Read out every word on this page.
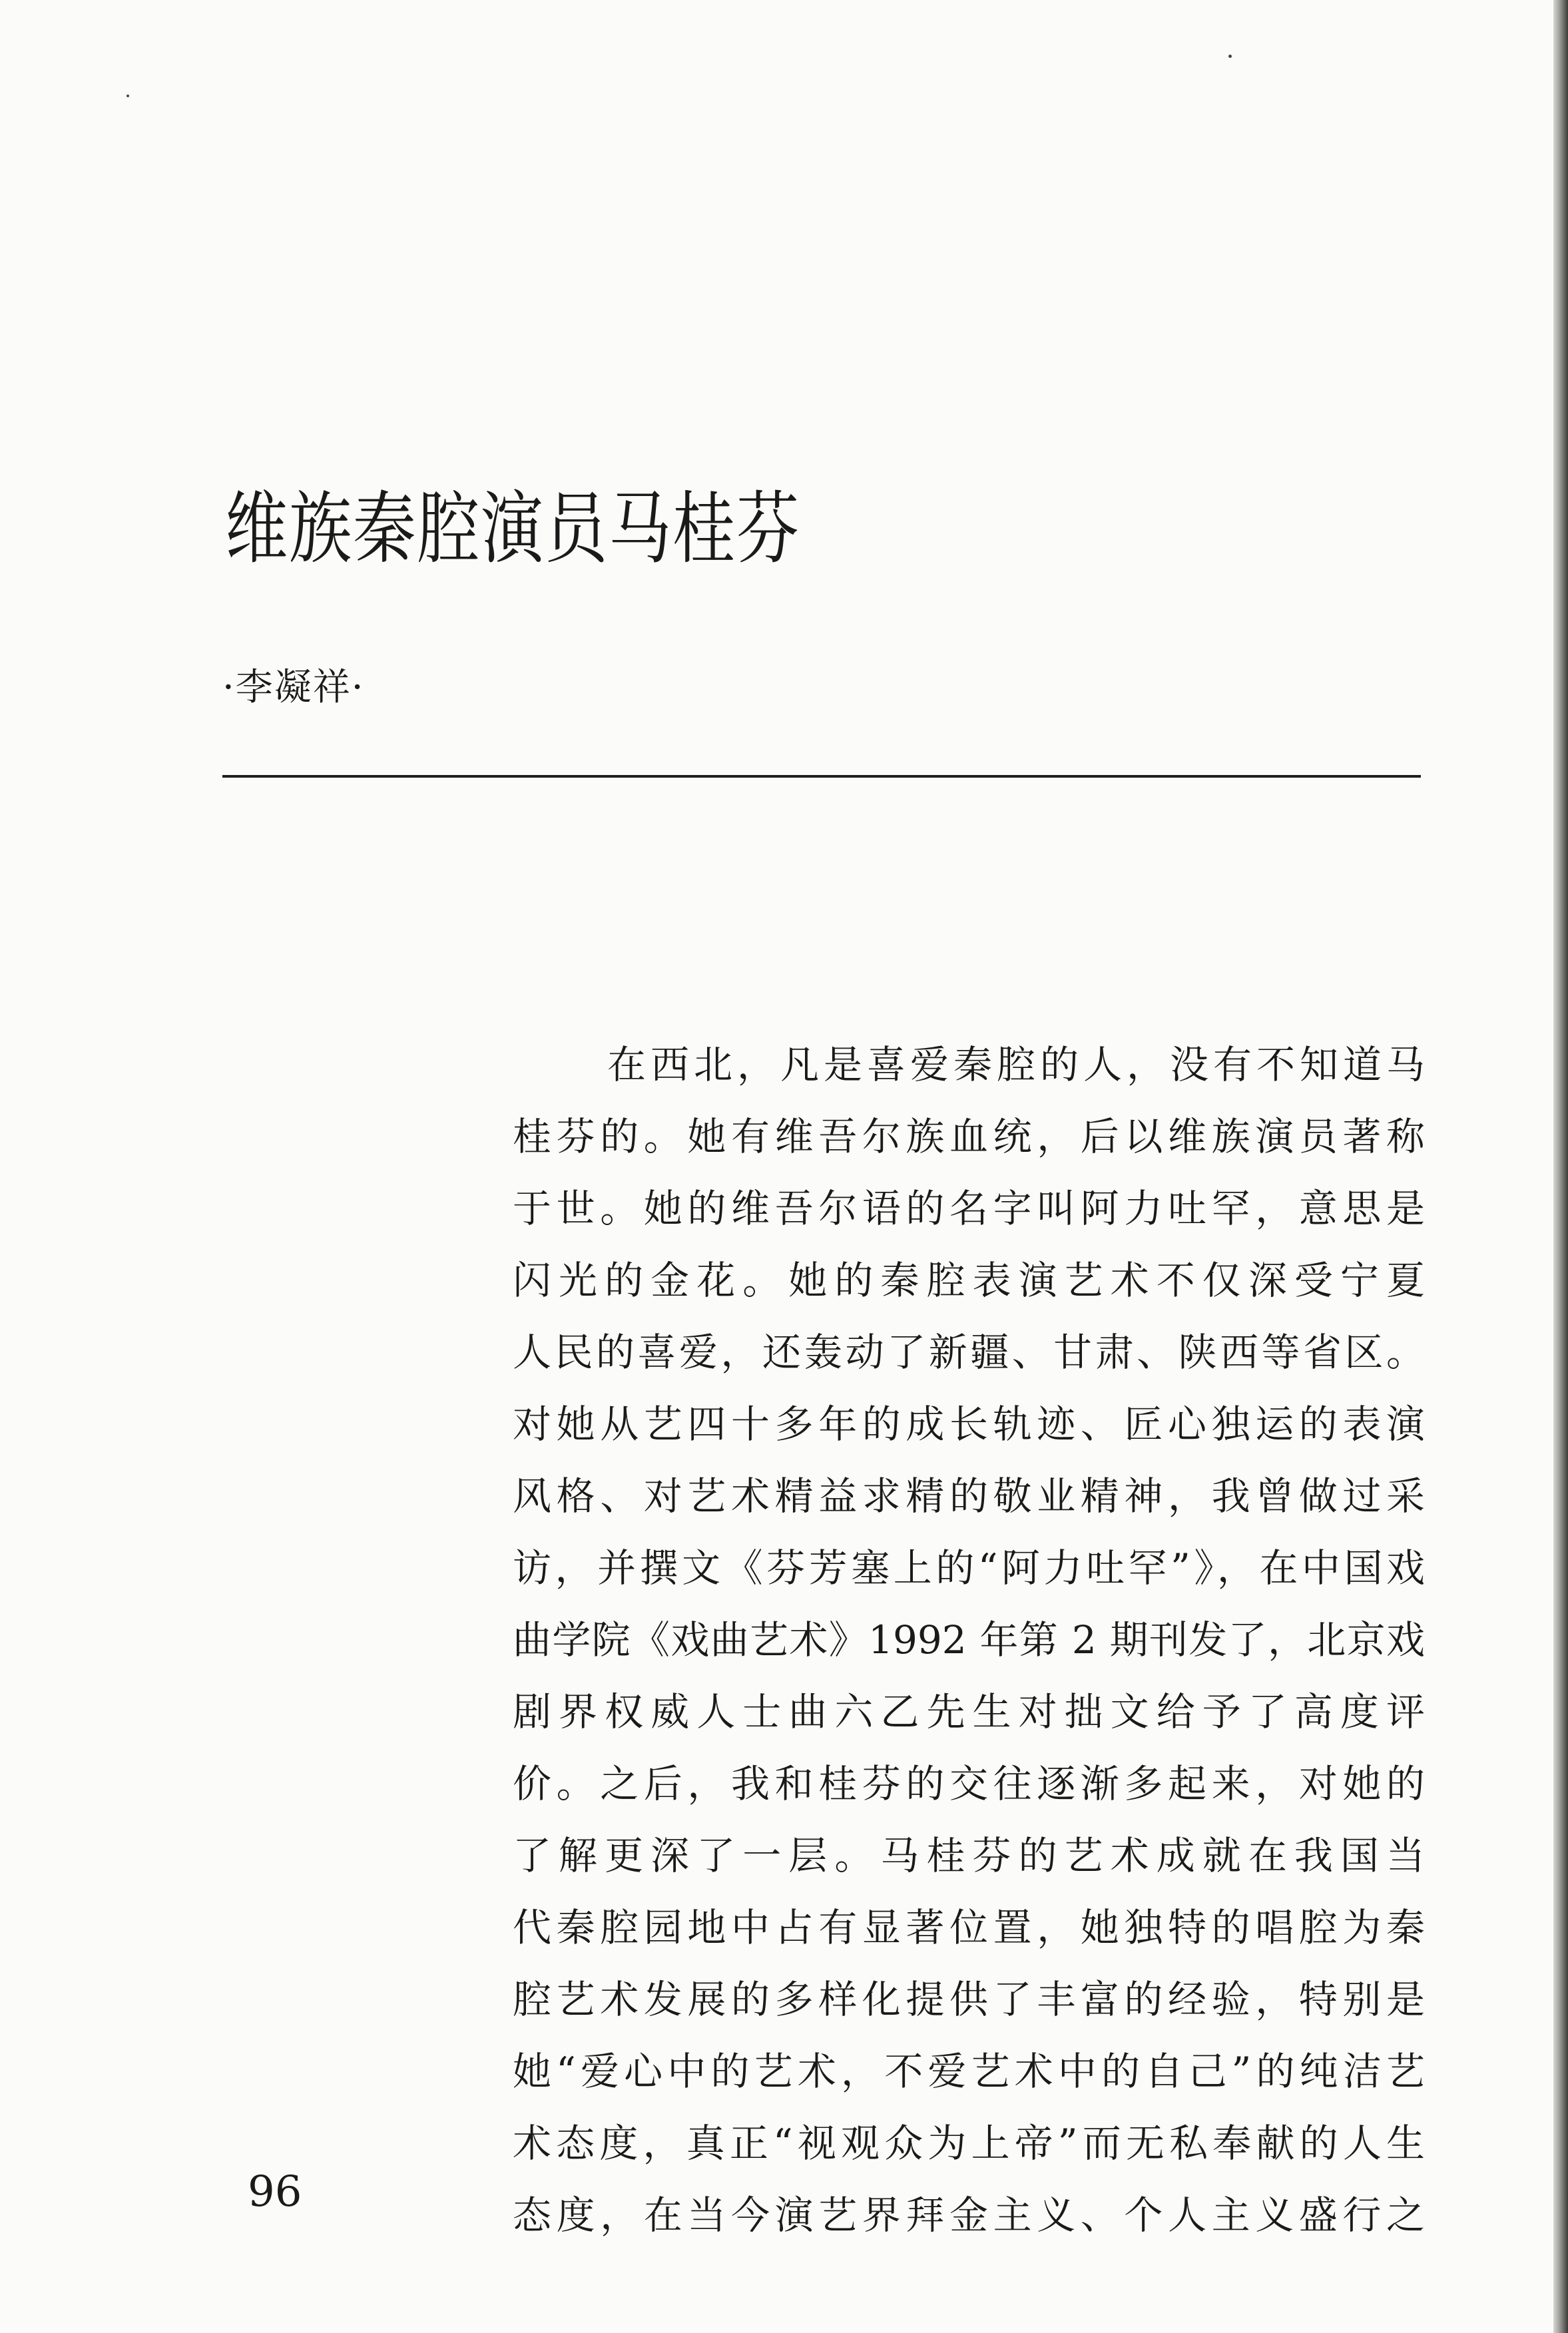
维族秦腔演员马桂芬
·李凝祥·
在西北，凡是喜爱秦腔的人，没有不知道马
桂芬的。她有维吾尔族血统，后以维族演员著称
于世。她的维吾尔语的名字叫阿力吐罕，意思是
闪光的金花。她的秦腔表演艺术不仅深受宁夏
人民的喜爱，还轰动了新疆、甘肃、陕西等省区。
对她从艺四十多年的成长轨迹、匠心独运的表演
风格、对艺术精益求精的敬业精神，我曾做过采
访，并撰文《芬芳塞上的“阿力吐罕”》，在中国戏
曲学院《戏曲艺术》1992 年第 2 期刊发了，北京戏
剧界权威人士曲六乙先生对拙文给予了高度评
价。之后，我和桂芬的交往逐渐多起来，对她的
了解更深了一层。马桂芬的艺术成就在我国当
代秦腔园地中占有显著位置，她独特的唱腔为秦
腔艺术发展的多样化提供了丰富的经验，特别是
她“爱心中的艺术，不爱艺术中的自己”的纯洁艺
术态度，真正“视观众为上帝”而无私奉献的人生
态度，在当今演艺界拜金主义、个人主义盛行之
96
